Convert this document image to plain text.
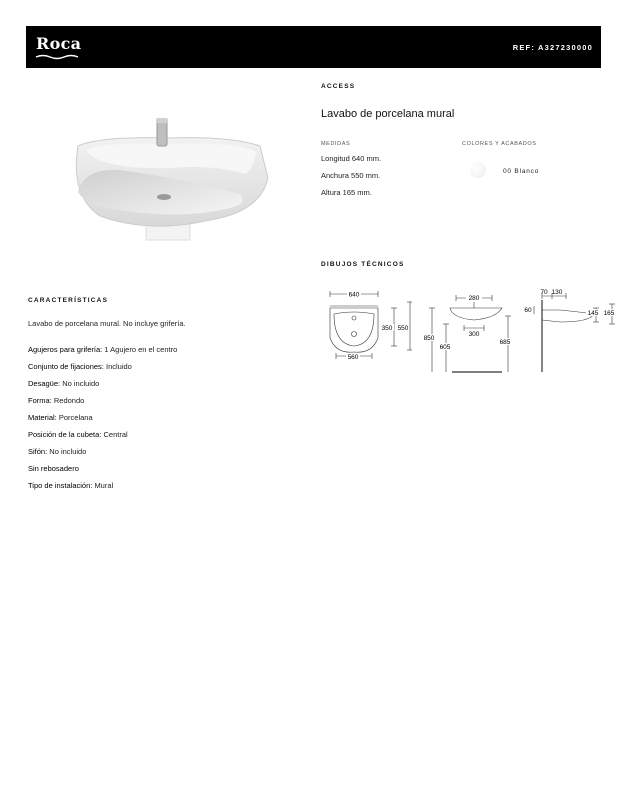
Roca	REF: A327230000
ACCESS
Lavabo de porcelana mural
MEDIDAS
Longitud 640 mm.
Anchura 550 mm.
Altura 165 mm.
COLORES Y ACABADOS
00 Blanco
DIBUJOS TÉCNICOS
640
350 550
560
280
300
850
605
685
70 130
60	145 165
CARACTERÍSTICAS
Lavabo de porcelana mural. No incluye grifería.
Agujeros para grifería: 1 Agujero en el centro
Conjunto de fijaciones: Incluido
Desagüe: No incluido
Forma: Redondo
Material: Porcelana
Posición de la cubeta: Central
Sifón: No incluido
Sin rebosadero
Tipo de instalación: Mural
